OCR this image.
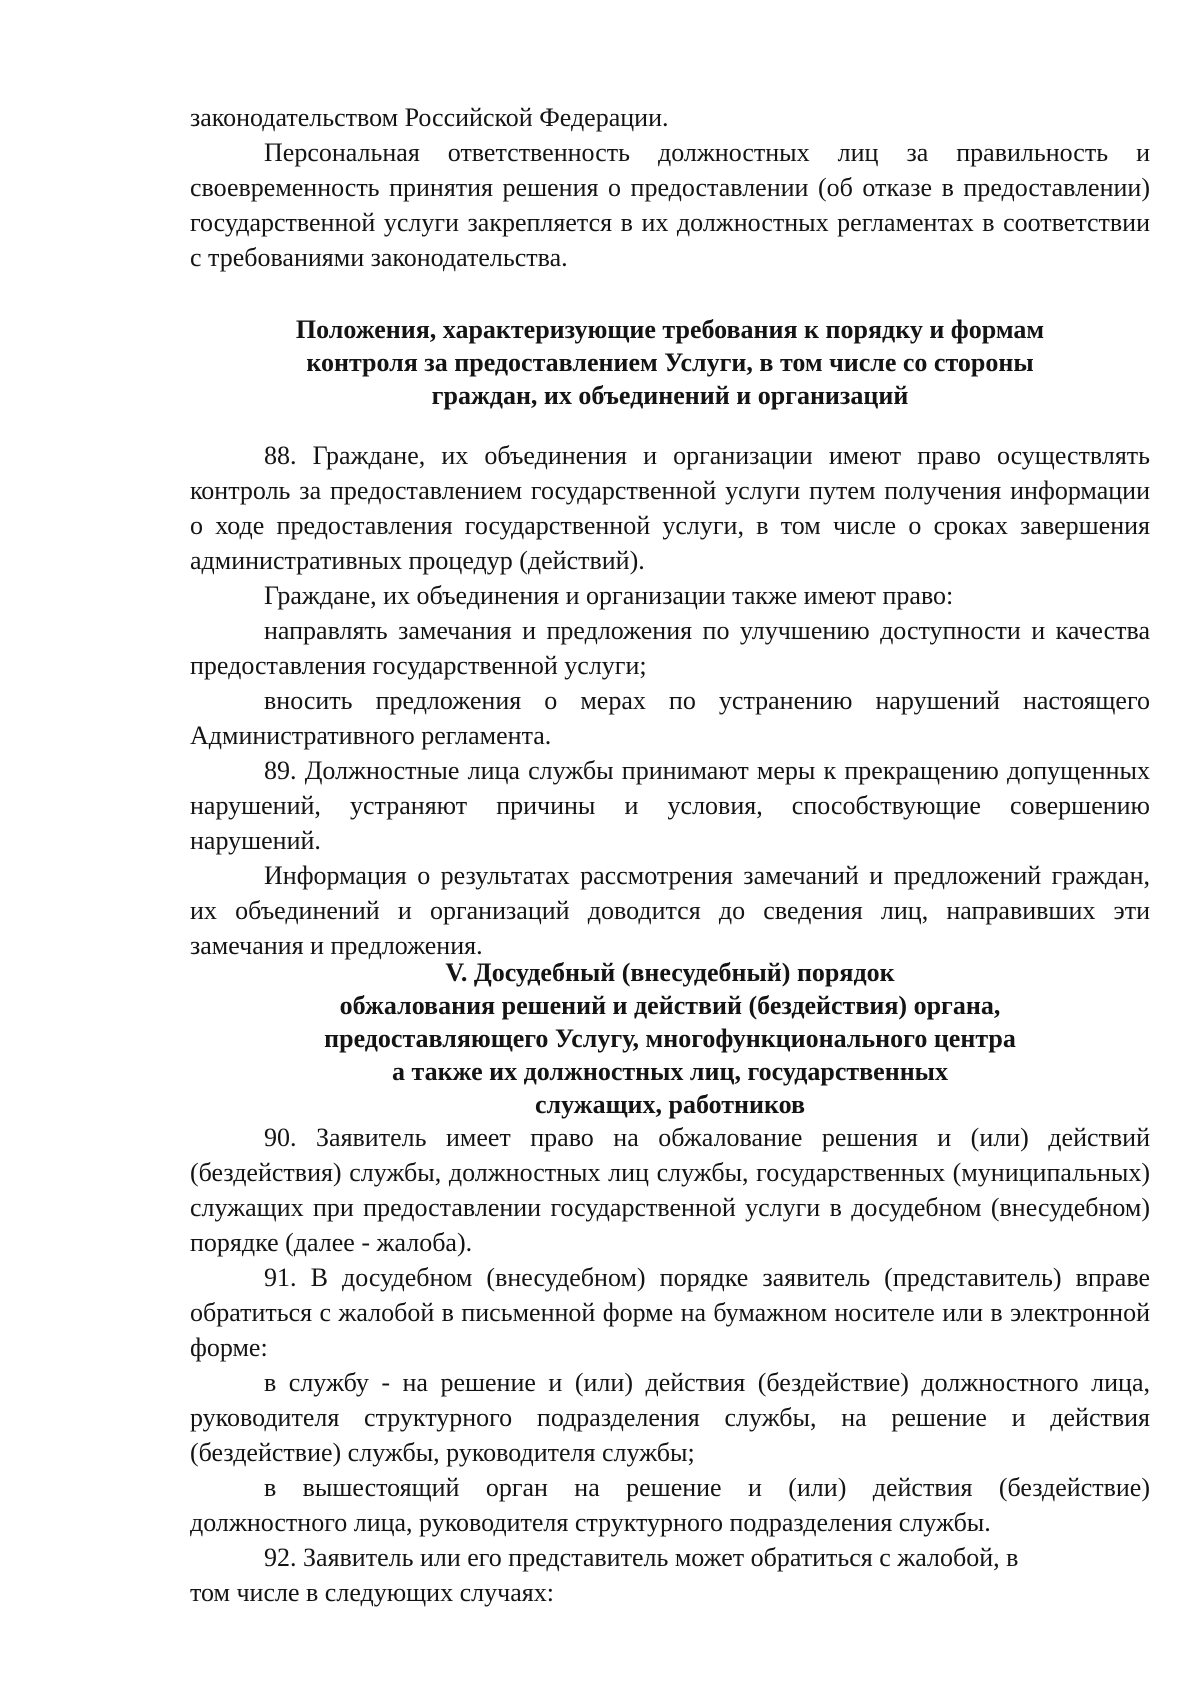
законодательством Российской Федерации.

Персональная ответственность должностных лиц за правильность и своевременность принятия решения о предоставлении (об отказе в предоставлении) государственной услуги закрепляется в их должностных регламентах в соответствии с требованиями законодательства.

Положения, характеризующие требования к порядку и формам
контроля за предоставлением Услуги, в том числе со стороны
граждан, их объединений и организаций

88. Граждане, их объединения и организации имеют право осуществлять контроль за предоставлением государственной услуги путем получения информации о ходе предоставления государственной услуги, в том числе о сроках завершения административных процедур (действий).

Граждане, их объединения и организации также имеют право:

направлять замечания и предложения по улучшению доступности и качества предоставления государственной услуги;

вносить предложения о мерах по устранению нарушений настоящего Административного регламента.

89. Должностные лица службы принимают меры к прекращению допущенных нарушений, устраняют причины и условия, способствующие совершению нарушений.

Информация о результатах рассмотрения замечаний и предложений граждан, их объединений и организаций доводится до сведения лиц, направивших эти замечания и предложения.

V. Досудебный (внесудебный) порядок
обжалования решений и действий (бездействия) органа,
предоставляющего Услугу, многофункционального центра
а также их должностных лиц, государственных
служащих, работников

90. Заявитель имеет право на обжалование решения и (или) действий (бездействия) службы, должностных лиц службы, государственных (муниципальных) служащих при предоставлении государственной услуги в досудебном (внесудебном) порядке (далее - жалоба).

91. В досудебном (внесудебном) порядке заявитель (представитель) вправе обратиться с жалобой в письменной форме на бумажном носителе или в электронной форме:

в службу - на решение и (или) действия (бездействие) должностного лица, руководителя структурного подразделения службы, на решение и действия (бездействие) службы, руководителя службы;

в вышестоящий орган на решение и (или) действия (бездействие) должностного лица, руководителя структурного подразделения службы.

92. Заявитель или его представитель может обратиться с жалобой, в

том числе в следующих случаях:
